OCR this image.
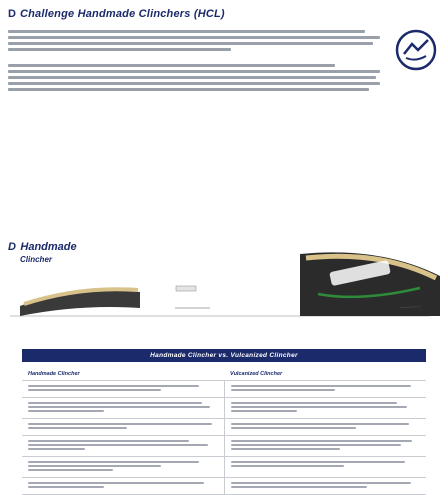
D Challenge Handmade Clinchers (HCL)
D Handmade
Clincher
casing
Handmade Clincher vs. Vulcanized Clincher
Handmade Clincher	Vulcanized Clincher
